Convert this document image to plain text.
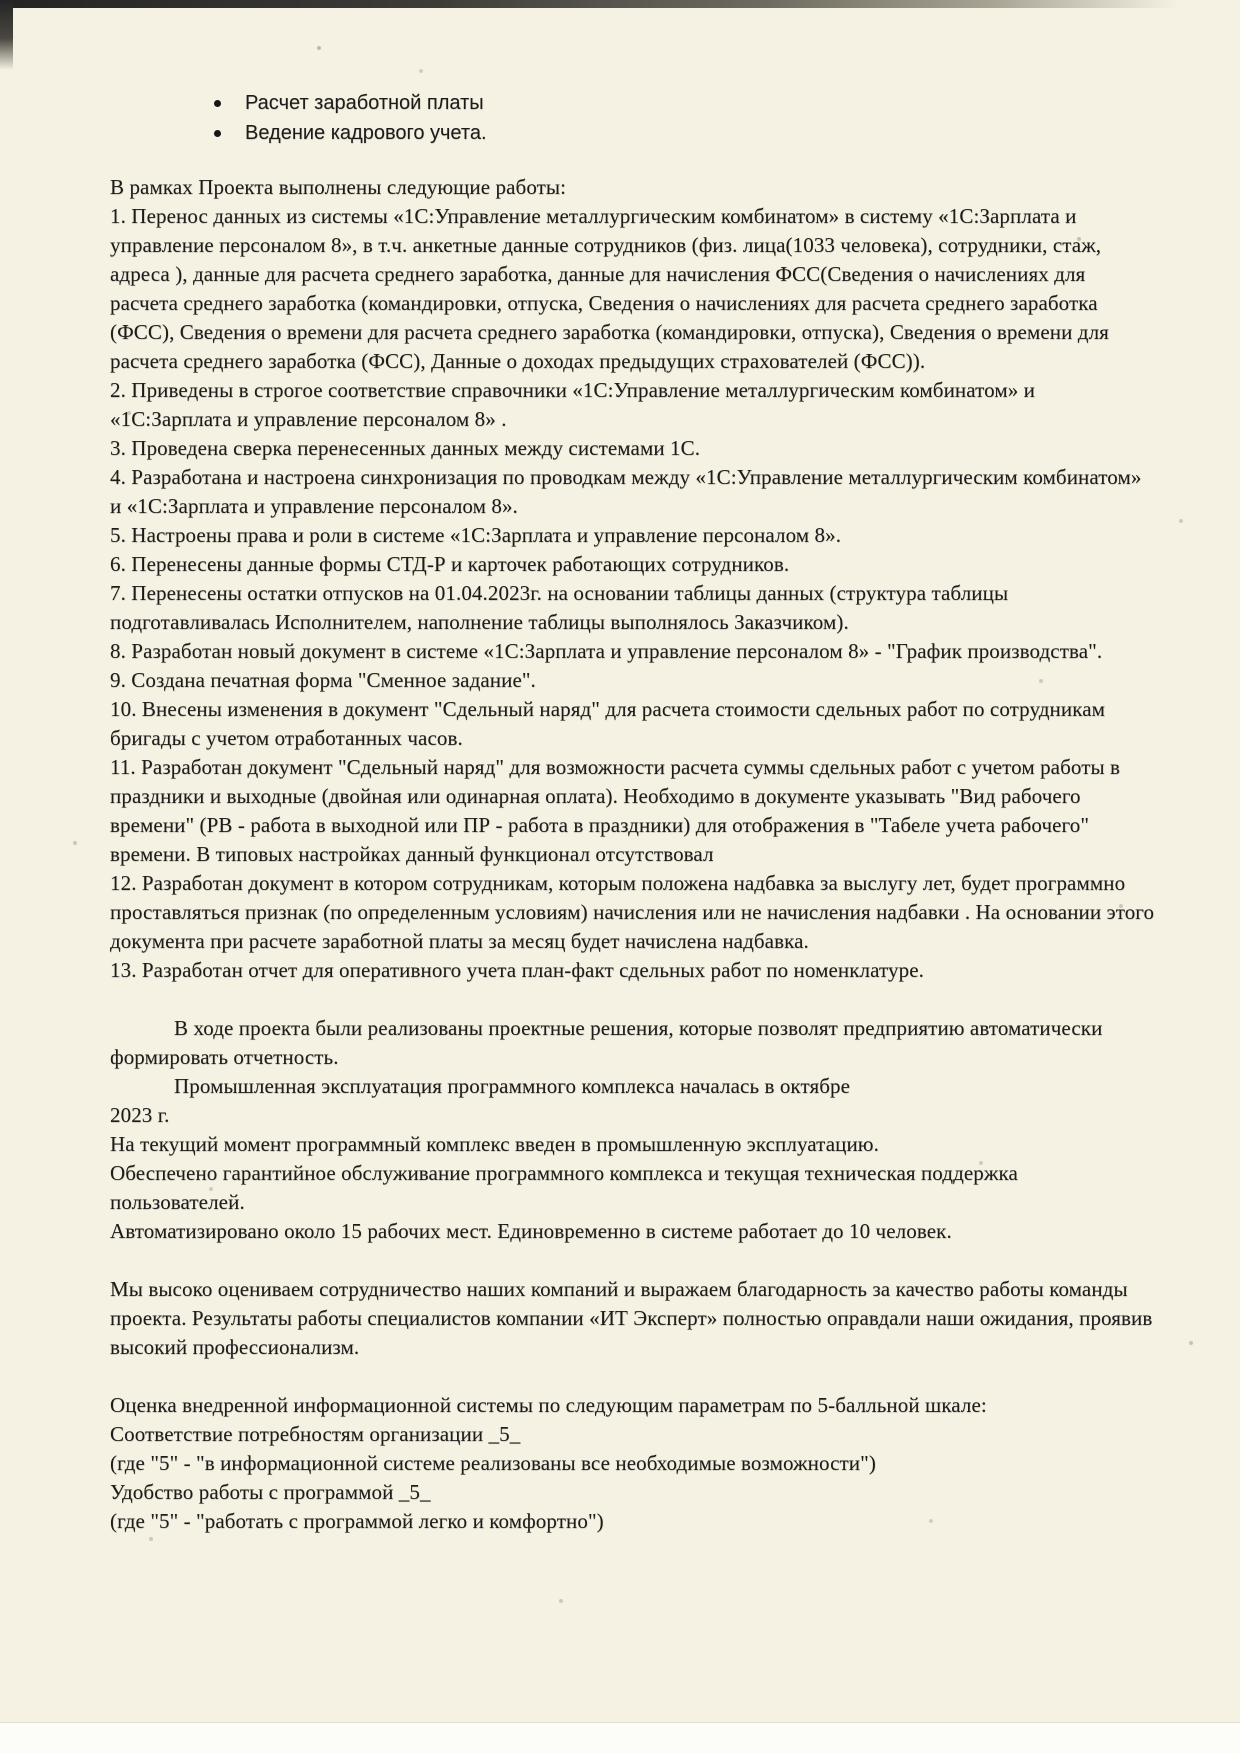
Расчет заработной платы
Ведение кадрового учета.

В рамках Проекта выполнены следующие работы:

1. Перенос данных из системы «1С:Управление металлургическим комбинатом» в систему «1С:Зарплата и управление персоналом 8», в т.ч. анкетные данные сотрудников (физ. лица(1033 человека), сотрудники, стаж, адреса ), данные для расчета среднего заработка, данные для начисления ФСС(Сведения о начислениях для расчета среднего заработка (командировки, отпуска, Сведения о начислениях для расчета среднего заработка (ФСС), Сведения о времени для расчета среднего заработка (командировки, отпуска), Сведения о времени для расчета среднего заработка (ФСС), Данные о доходах предыдущих страхователей (ФСС)).

2. Приведены в строгое соответствие справочники «1С:Управление металлургическим комбинатом» и «1С:Зарплата и управление персоналом 8» .

3. Проведена сверка перенесенных данных между системами 1С.

4. Разработана и настроена синхронизация по проводкам между «1С:Управление металлургическим комбинатом» и «1С:Зарплата и управление персоналом 8».

5. Настроены права и роли в системе «1С:Зарплата и управление персоналом 8».

6. Перенесены данные формы СТД-Р и карточек работающих сотрудников.

7. Перенесены остатки отпусков на 01.04.2023г. на основании таблицы данных (структура таблицы подготавливалась Исполнителем, наполнение таблицы выполнялось Заказчиком).

8. Разработан новый документ в системе «1С:Зарплата и управление персоналом 8» - "График производства".

9. Создана печатная форма "Сменное задание".

10. Внесены изменения в документ "Сдельный наряд" для расчета стоимости сдельных работ по сотрудникам бригады с учетом отработанных часов.

11. Разработан документ "Сдельный наряд" для возможности расчета суммы сдельных работ с учетом работы в праздники и выходные (двойная или одинарная оплата). Необходимо в документе указывать "Вид рабочего времени" (РВ - работа в выходной или ПР - работа в праздники) для отображения в "Табеле учета рабочего" времени. В типовых настройках данный функционал отсутствовал

12. Разработан документ в котором сотрудникам, которым положена надбавка за выслугу лет, будет программно проставляться признак (по определенным условиям) начисления или не начисления надбавки . На основании этого документа при расчете заработной платы за месяц будет начислена надбавка.

13. Разработан отчет для оперативного учета план-факт сдельных работ по номенклатуре.

В ходе проекта были реализованы проектные решения, которые позволят предприятию автоматически формировать отчетность.

Промышленная эксплуатация программного комплекса началась в октябре

2023 г.

На текущий момент программный комплекс введен в промышленную эксплуатацию.

Обеспечено гарантийное обслуживание программного комплекса и текущая техническая поддержка пользователей.

Автоматизировано около 15 рабочих мест. Единовременно в системе работает до 10 человек.

Мы высоко оцениваем сотрудничество наших компаний и выражаем благодарность за качество работы команды проекта. Результаты работы специалистов компании «ИТ Эксперт» полностью оправдали наши ожидания, проявив высокий профессионализм.

Оценка внедренной информационной системы по следующим параметрам по 5-балльной шкале:

Соответствие потребностям организации _5_

(где "5" - "в информационной системе реализованы все необходимые возможности")

Удобство работы с программой _5_

(где "5" - "работать с программой легко и комфортно")
